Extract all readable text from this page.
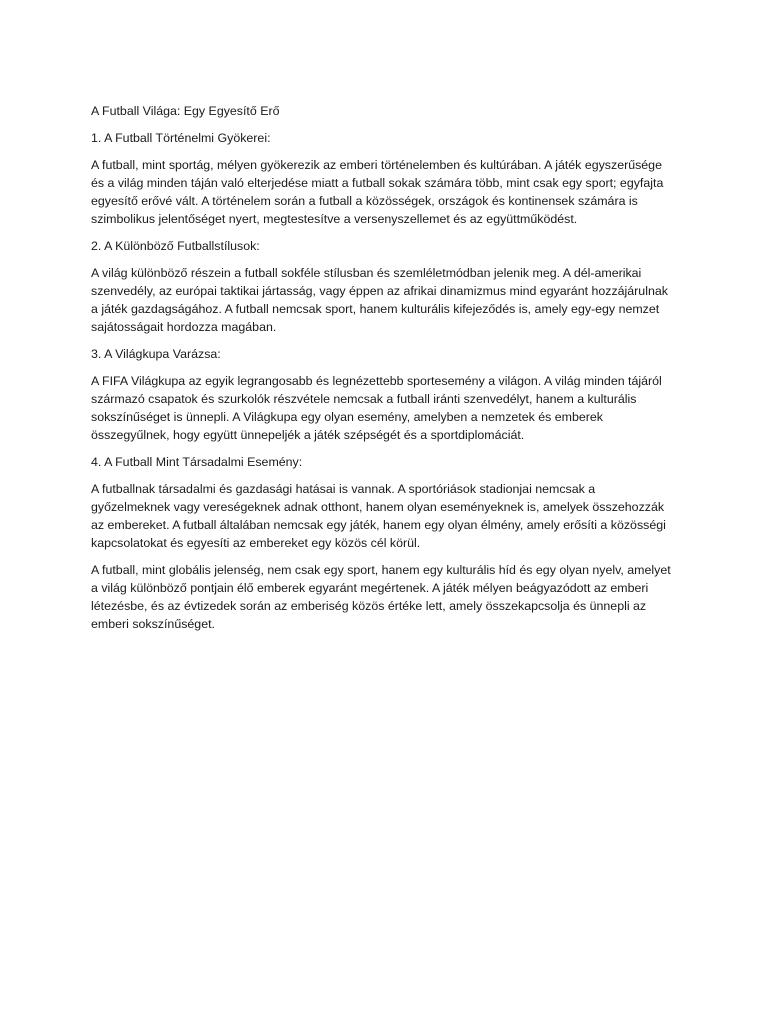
A Futball Világa: Egy Egyesítő Erő

1. A Futball Történelmi Gyökerei:

A futball, mint sportág, mélyen gyökerezik az emberi történelemben és kultúrában. A játék egyszerűsége és a világ minden táján való elterjedése miatt a futball sokak számára több, mint csak egy sport; egyfajta egyesítő erővé vált. A történelem során a futball a közösségek, országok és kontinensek számára is szimbolikus jelentőséget nyert, megtestesítve a versenyszellemet és az együttműködést.

2. A Különböző Futballstílusok:

A világ különböző részein a futball sokféle stílusban és szemléletmódban jelenik meg. A dél-amerikai szenvedély, az európai taktikai jártasság, vagy éppen az afrikai dinamizmus mind egyaránt hozzájárulnak a játék gazdagságához. A futball nemcsak sport, hanem kulturális kifejeződés is, amely egy-egy nemzet sajátosságait hordozza magában.

3. A Világkupa Varázsa:

A FIFA Világkupa az egyik legrangosabb és legnézettebb sportesemény a világon. A világ minden tájáról származó csapatok és szurkolók részvétele nemcsak a futball iránti szenvedélyt, hanem a kulturális sokszínűséget is ünnepli. A Világkupa egy olyan esemény, amelyben a nemzetek és emberek összegyűlnek, hogy együtt ünnepeljék a játék szépségét és a sportdiplomáciát.

4. A Futball Mint Társadalmi Esemény:

A futballnak társadalmi és gazdasági hatásai is vannak. A sportóriások stadionjai nemcsak a győzelmeknek vagy vereségeknek adnak otthont, hanem olyan eseményeknek is, amelyek összehozzák az embereket. A futball általában nemcsak egy játék, hanem egy olyan élmény, amely erősíti a közösségi kapcsolatokat és egyesíti az embereket egy közös cél körül.

A futball, mint globális jelenség, nem csak egy sport, hanem egy kulturális híd és egy olyan nyelv, amelyet a világ különböző pontjain élő emberek egyaránt megértenek. A játék mélyen beágyazódott az emberi létezésbe, és az évtizedek során az emberiség közös értéke lett, amely összekapcsolja és ünnepli az emberi sokszínűséget.
